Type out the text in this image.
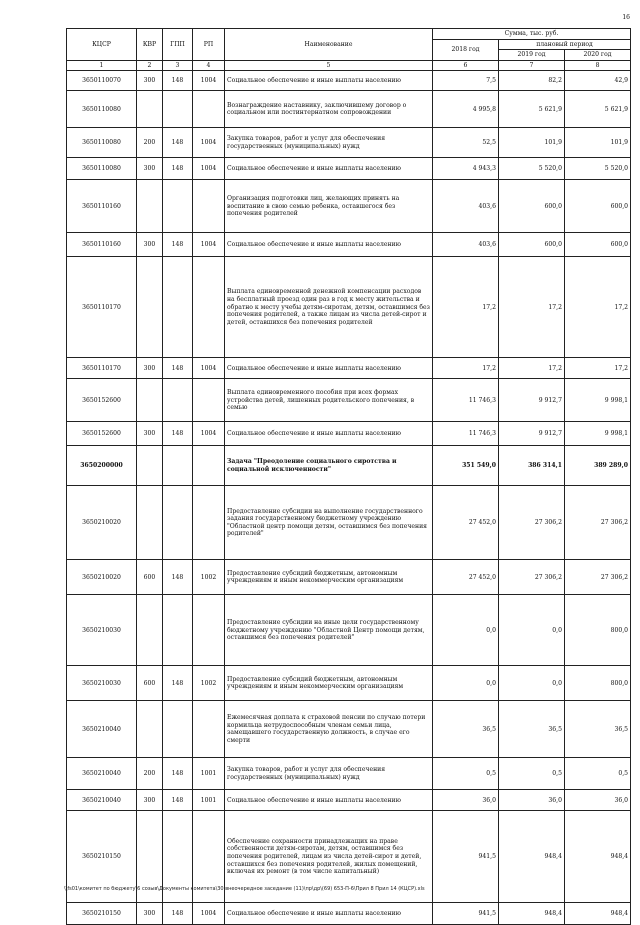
16
КЦСР	КВР	ГПП	РП	Наименование	Сумма, тыс. руб.		
					2018 год	плановый период	
						2019 год	2020 год
1	2	3	4	5	6	7	8
3650110070	300	148	1004	Социальное обеспечение и иные выплаты населению	7,5	82,2	42,9
3650110080				Вознаграждение наставнику, заключившему договор о социальном или постинтернатном сопровождении	4 995,8	5 621,9	5 621,9
3650110080	200	148	1004	Закупка товаров, работ и услуг для обеспечения государственных (муниципальных) нужд	52,5	101,9	101,9
3650110080	300	148	1004	Социальное обеспечение и иные выплаты населению	4 943,3	5 520,0	5 520,0
3650110160				Организация подготовки лиц, желающих принять на воспитание в свою семью ребенка, оставшегося без попечения родителей	403,6	600,0	600,0
3650110160	300	148	1004	Социальное обеспечение и иные выплаты населению	403,6	600,0	600,0
3650110170				Выплата единовременной денежной компенсации расходов на бесплатный проезд один раз в год к месту жительства и обратно к месту учебы детям-сиротам, детям, оставшимся без попечения родителей, а также лицам из числа детей-сирот и детей, оставшихся без попечения родителей	17,2	17,2	17,2
3650110170	300	148	1004	Социальное обеспечение и иные выплаты населению	17,2	17,2	17,2
3650152600				Выплата единовременного пособия при всех формах устройства детей, лишенных родительского попечения, в семью	11 746,3	9 912,7	9 998,1
3650152600	300	148	1004	Социальное обеспечение и иные выплаты населению	11 746,3	9 912,7	9 998,1
3650200000				Задача "Преодоление социального сиротства и социальной исключенности"	351 549,0	386 314,1	389 289,0
3650210020				Предоставление субсидии на выполнение государственного задания государственному бюджетному учреждению "Областной центр помощи детям, оставшимся без попечения родителей"	27 452,0	27 306,2	27 306,2
3650210020	600	148	1002	Предоставление субсидий бюджетным, автономным учреждениям и иным некоммерческим организациям	27 452,0	27 306,2	27 306,2
3650210030				Предоставление субсидии на иные цели государственному бюджетному учреждению "Областной Центр помощи детям, оставшимся без попечения родителей"	0,0	0,0	800,0
3650210030	600	148	1002	Предоставление субсидий бюджетным, автономным учреждениям и иным некоммерческим организациям	0,0	0,0	800,0
3650210040				Ежемесячная доплата к страховой пенсии по случаю потери кормильца нетрудоспособным членам семьи лица, замещавшего государственную должность, в случае его смерти	36,5	36,5	36,5
3650210040	200	148	1001	Закупка товаров, работ и услуг для обеспечения государственных (муниципальных) нужд	0,5	0,5	0,5
3650210040	300	148	1001	Социальное обеспечение и иные выплаты населению	36,0	36,0	36,0
3650210150				Обеспечение сохранности принадлежащих на праве собственности детям-сиротам, детям, оставшимся без попечения родителей, лицам из числа детей-сирот и детей, оставшихся без попечения родителей, жилых помещений, включая их ремонт (в том числе капитальный)	941,5	948,4	948,4
3650210150	300	148	1004	Социальное обеспечение и иные выплаты населению	941,5	948,4	948,4
\\fs01\комитет по бюджету\6 созыв\Документы комитета\30 внеочередное заседание (11)\пр\др\(69) 653-П-6\Прил 8 Прил 14 (КЦСР).xls
